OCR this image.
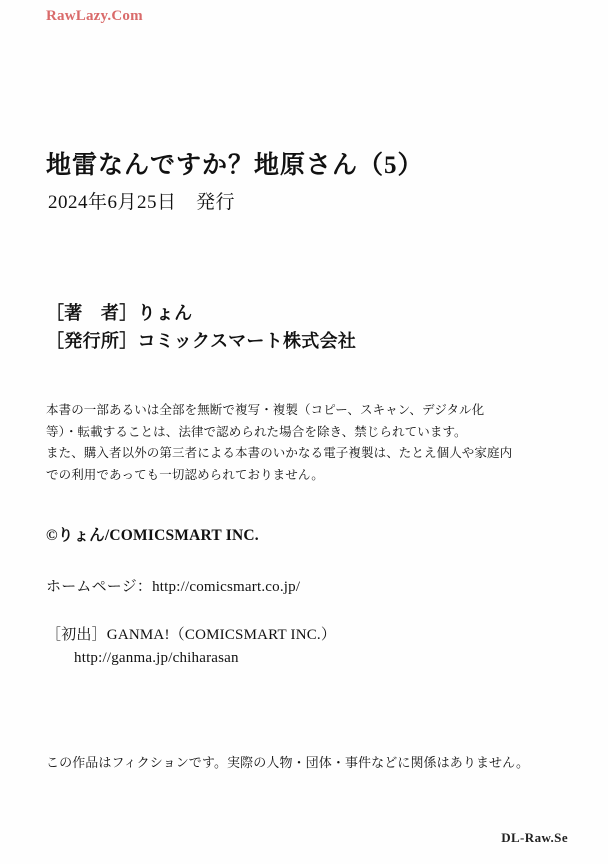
RawLazy.Com
地雷なんですか？地原さん（5）
2024年6月25日　発行
［著　者］りょん
［発行所］コミックスマート株式会社

本書の一部あるいは全部を無断で複写・複製（コピー、スキャン、デジタル化

等）・転載することは、法律で認められた場合を除き、禁じられています。

また、購入者以外の第三者による本書のいかなる電子複製は、たとえ個人や家庭内

での利用であっても一切認められておりません。

©りょん/COMICSMART INC.
ホームページ：http://comicsmart.co.jp/
［初出］GANMA!（COMICSMART INC.）
http://ganma.jp/chiharasan
この作品はフィクションです。実際の人物・団体・事件などに関係はありません。
DL-Raw.Se
